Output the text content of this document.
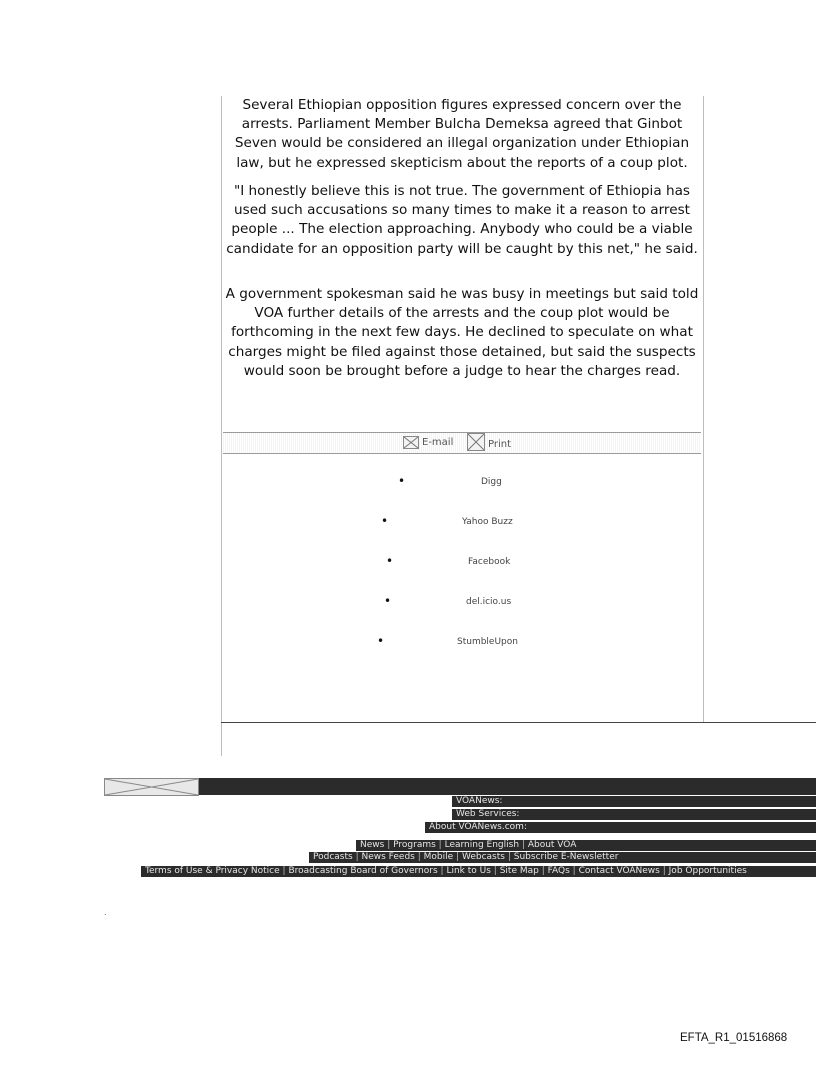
Several Ethiopian opposition figures expressed concern over the arrests. Parliament Member Bulcha Demeksa agreed that Ginbot Seven would be considered an illegal organization under Ethiopian law, but he expressed skepticism about the reports of a coup plot.

"I honestly believe this is not true. The government of Ethiopia has used such accusations so many times to make it a reason to arrest people ... The election approaching. Anybody who could be a viable candidate for an opposition party will be caught by this net," he said.

A government spokesman said he was busy in meetings but said told VOA further details of the arrests and the coup plot would be forthcoming in the next few days. He declined to speculate on what charges might be filed against those detained, but said the suspects would soon be brought before a judge to hear the charges read.

E-mail	Print
•	Digg
•	Yahoo Buzz
•	Facebook
•	del.icio.us
•	StumbleUpon
VOANews:
Web Services:
About VOANews.com:
News | Programs | Learning English | About VOA
Podcasts | News Feeds | Mobile | Webcasts | Subscribe E-Newsletter
Terms of Use & Privacy Notice | Broadcasting Board of Governors | Link to Us | Site Map | FAQs | Contact VOANews | Job Opportunities
.
EFTA_R1_01516868
